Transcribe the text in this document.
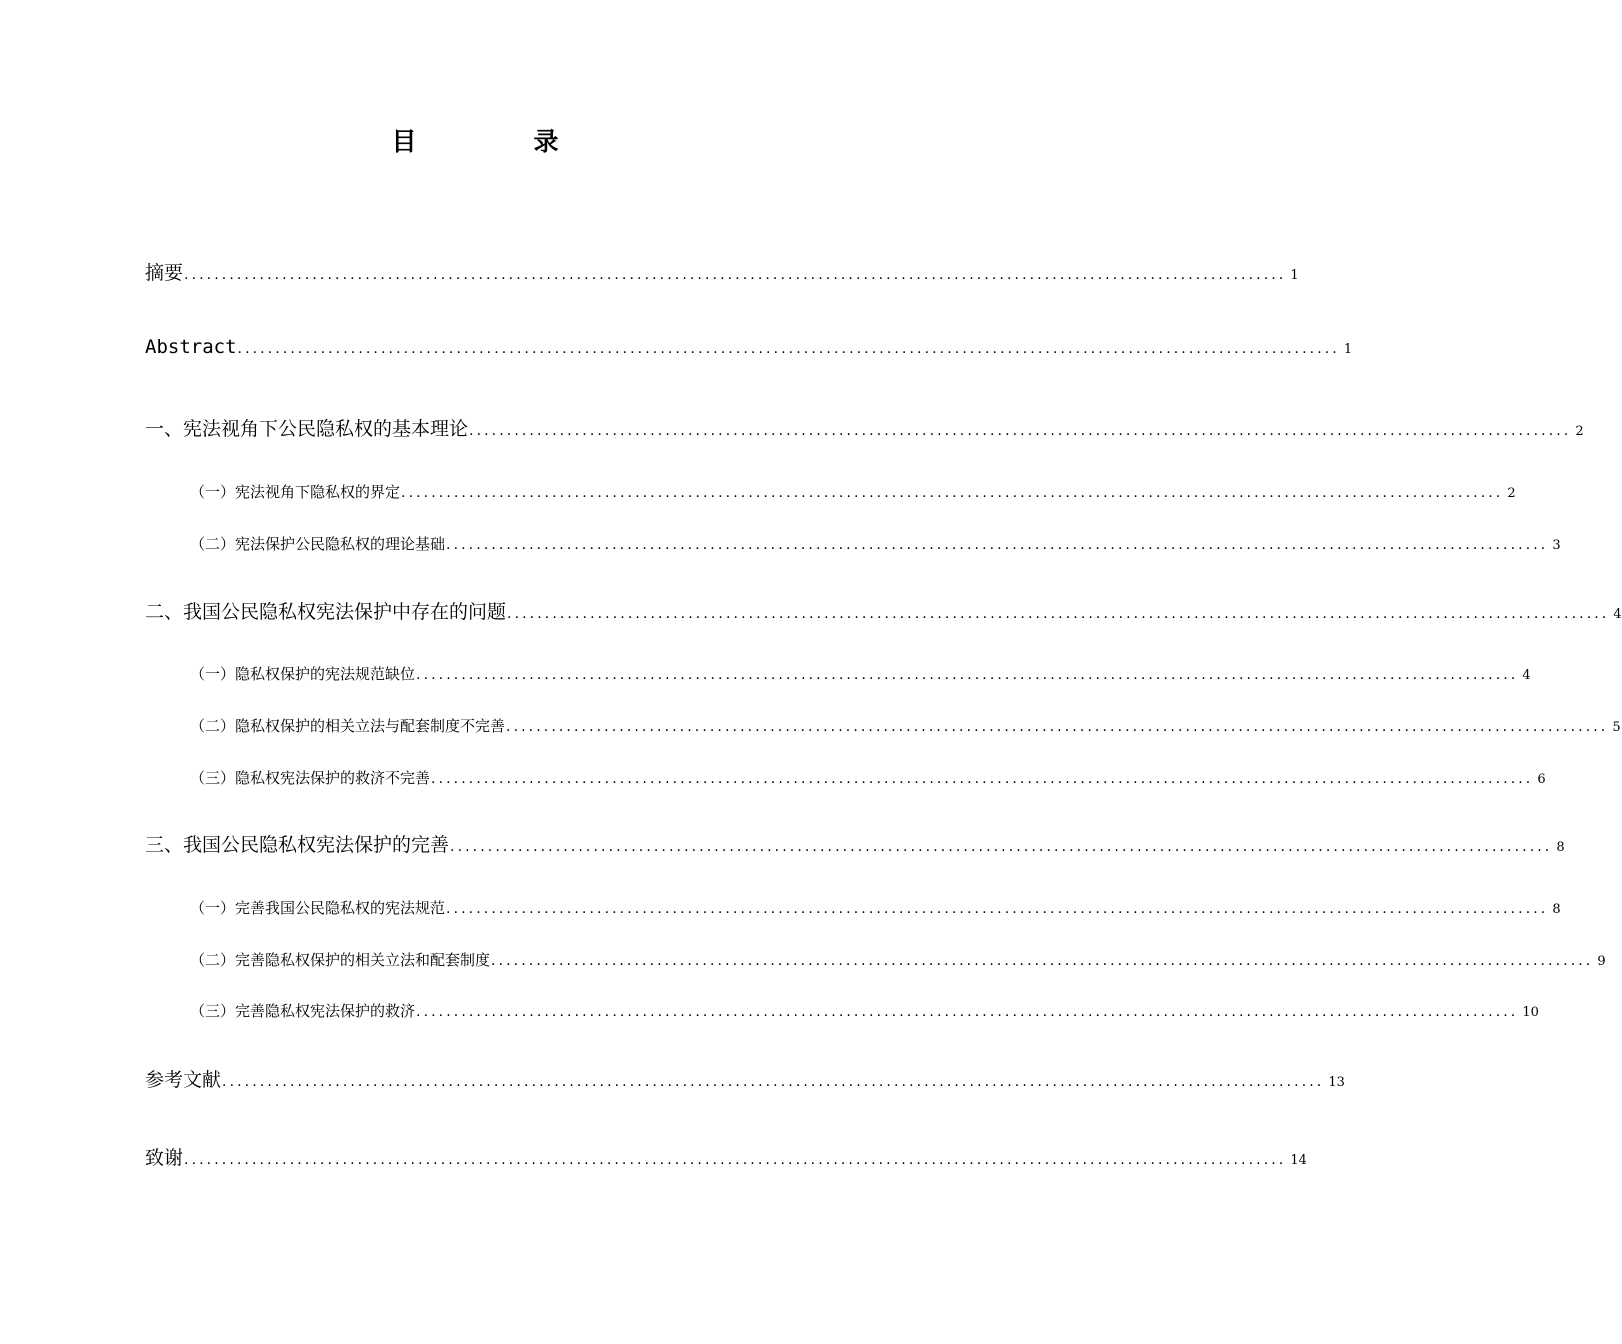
目　录
摘要 .................................................................................................................................................. 1
Abstract .................................................................................................................................................. 1
一、宪法视角下公民隐私权的基本理论 .................................................................................................................................................. 2
（一）宪法视角下隐私权的界定 .................................................................................................................................................. 2
（二）宪法保护公民隐私权的理论基础 .................................................................................................................................................. 3
二、我国公民隐私权宪法保护中存在的问题 .................................................................................................................................................. 4
（一）隐私权保护的宪法规范缺位 .................................................................................................................................................. 4
（二）隐私权保护的相关立法与配套制度不完善 .................................................................................................................................................. 5
（三）隐私权宪法保护的救济不完善 .................................................................................................................................................. 6
三、我国公民隐私权宪法保护的完善 .................................................................................................................................................. 8
（一）完善我国公民隐私权的宪法规范 .................................................................................................................................................. 8
（二）完善隐私权保护的相关立法和配套制度 .................................................................................................................................................. 9
（三）完善隐私权宪法保护的救济 .................................................................................................................................................. 10
参考文献 .................................................................................................................................................. 13
致谢 .................................................................................................................................................. 14
